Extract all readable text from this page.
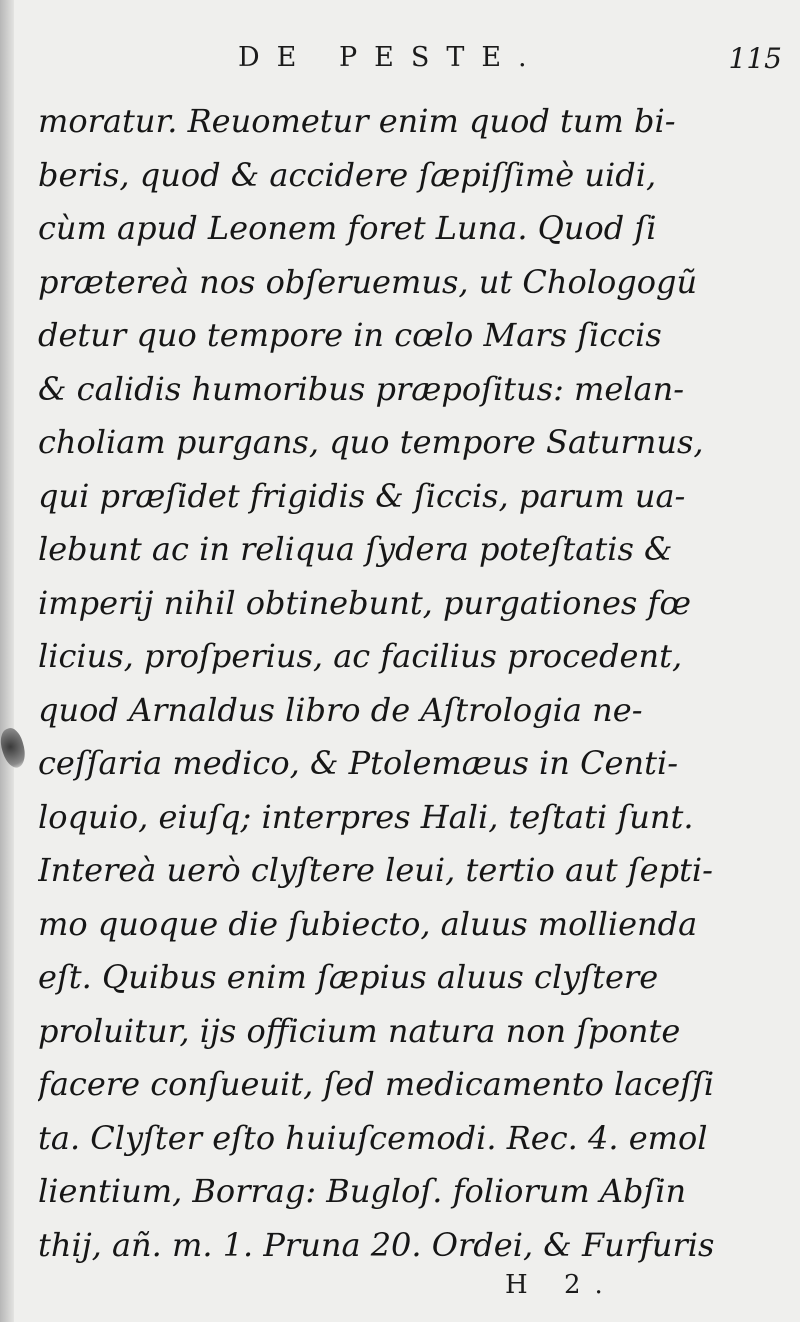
DE PESTE.	115
moratur. Reuometur enim quod tum bi-
beris, quod & accidere ſæpiſſimè uidi,
cùm apud Leonem foret Luna. Quod ſi
prætereà nos obſeruemus, ut Chologogũ
detur quo tempore in cœlo Mars ſiccis
& calidis humoribus præpoſitus: melan-
choliam purgans, quo tempore Saturnus,
qui præſidet frigidis & ſiccis, parum ua-
lebunt ac in reliqua ſydera poteſtatis &
imperij nihil obtinebunt, purgationes fœ
licius, proſperius, ac facilius procedent,
quod Arnaldus libro de Aſtrologia ne-
ceſſaria medico, & Ptolemæus in Centi-
loquio, eiuſq; interpres Hali, teſtati ſunt.
Intereà uerò clyſtere leui, tertio aut ſepti-
mo quoque die ſubiecto, aluus mollienda
eſt. Quibus enim ſæpius aluus clyſtere
proluitur, ijs officium natura non ſponte
facere conſueuit, ſed medicamento laceſſi
ta. Clyſter eſto huiuſcemodi. Rec. 4. emol
lientium, Borrag: Bugloſ. foliorum Abſin
thij, añ. m. 1. Pruna 20. Ordei, & Furfuris
H 2.
